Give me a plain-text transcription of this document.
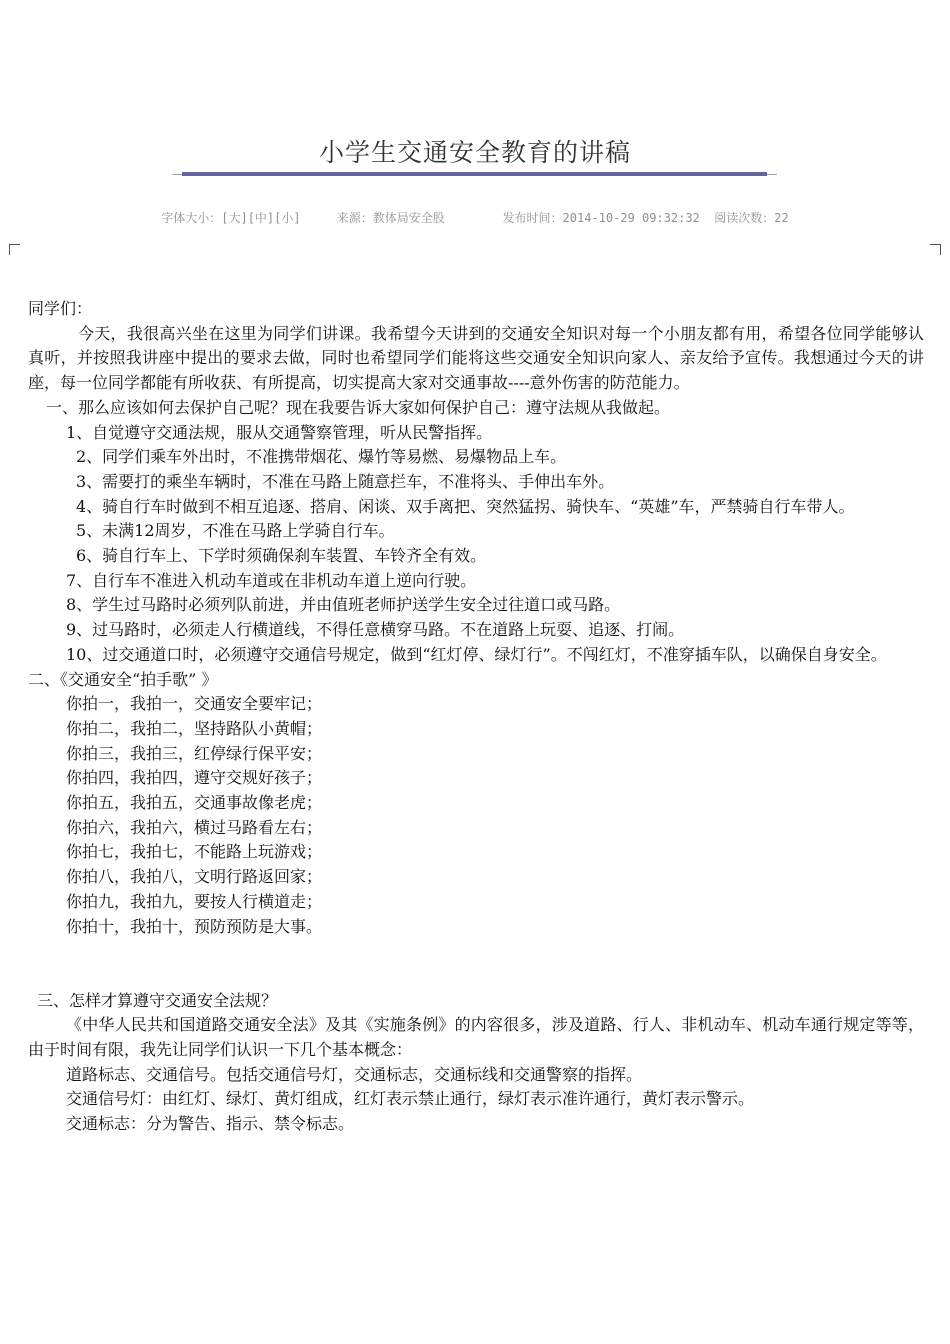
小学生交通安全教育的讲稿
字体大小：[大][中][小]	来源：教体局安全股	发布时间：2014-10-29 09:32:32 阅读次数：22
同学们：
今天，我很高兴坐在这里为同学们讲课。我希望今天讲到的交通安全知识对每一个小朋友都有用，希望各位同学能够认真听，并按照我讲座中提出的要求去做，同时也希望同学们能将这些交通安全知识向家人、亲友给予宣传。我想通过今天的讲座，每一位同学都能有所收获、有所提高，切实提高大家对交通事故----意外伤害的防范能力。
一、那么应该如何去保护自己呢？现在我要告诉大家如何保护自己：遵守法规从我做起。
1、自觉遵守交通法规，服从交通警察管理，听从民警指挥。
2、同学们乘车外出时，不准携带烟花、爆竹等易燃、易爆物品上车。
3、需要打的乘坐车辆时，不准在马路上随意拦车，不准将头、手伸出车外。
4、骑自行车时做到不相互追逐、搭肩、闲谈、双手离把、突然猛拐、骑快车、“英雄”车，严禁骑自行车带人。
5、未满12周岁，不准在马路上学骑自行车。
6、骑自行车上、下学时须确保刹车装置、车铃齐全有效。
7、自行车不准进入机动车道或在非机动车道上逆向行驶。
8、学生过马路时必须列队前进，并由值班老师护送学生安全过往道口或马路。
9、过马路时，必须走人行横道线，不得任意横穿马路。不在道路上玩耍、追逐、打闹。
10、过交通道口时，必须遵守交通信号规定，做到“红灯停、绿灯行”。不闯红灯，不准穿插车队，以确保自身安全。
二、《交通安全“拍手歌” 》
你拍一，我拍一，交通安全要牢记；
你拍二，我拍二，坚持路队小黄帽；
你拍三，我拍三，红停绿行保平安；
你拍四，我拍四，遵守交规好孩子；
你拍五，我拍五，交通事故像老虎；
你拍六，我拍六，横过马路看左右；
你拍七，我拍七，不能路上玩游戏；
你拍八，我拍八，文明行路返回家；
你拍九，我拍九，要按人行横道走；
你拍十，我拍十，预防预防是大事。
三、怎样才算遵守交通安全法规？
《中华人民共和国道路交通安全法》及其《实施条例》的内容很多，涉及道路、行人、非机动车、机动车通行规定等等，由于时间有限，我先让同学们认识一下几个基本概念：
道路标志、交通信号。包括交通信号灯，交通标志，交通标线和交通警察的指挥。
交通信号灯：由红灯、绿灯、黄灯组成，红灯表示禁止通行，绿灯表示准许通行，黄灯表示警示。
交通标志：分为警告、指示、禁令标志。
